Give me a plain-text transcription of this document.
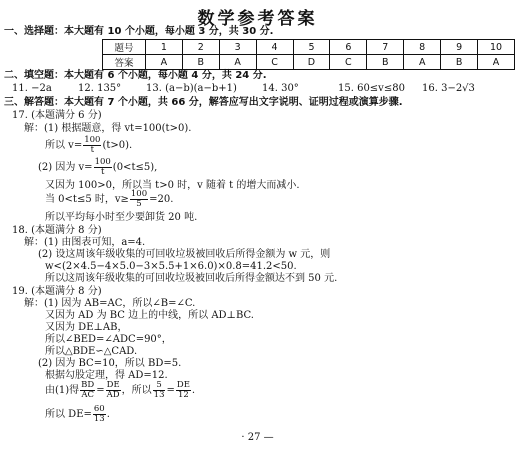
数学参考答案
一、选择题：本大题有 10 个小题，每小题 3 分，共 30 分.
题号	1	2	3	4	5	6	7	8	9	10
答案	A	B	A	C	D	C	B	A	B	A
二、填空题：本大题有 6 个小题，每小题 4 分，共 24 分.
11. −2a	12. 135° 13. (a−b)(a−b+1)	14. 30°	15. 60≤v≤80 16. 3−2√3
三、解答题：本大题有 7 个小题，共 66 分，解答应写出文字说明、证明过程或演算步骤.
17. (本题满分 6 分)
解：(1) 根据题意，得 vt=100(t>0).
所以 $v= \frac{100}{t} (t>0)$.
(2) 因为 $v= \frac{100}{t} (0<t\le 5)$,
又因为 100>0，所以当 t>0 时，v 随着 t 的增大而减小.
当 0<t≤5 时，$v\ge \frac{100}{5} =20$.
所以平均每小时至少要卸货 20 吨.
18. (本题满分 8 分)
解：(1) 由图表可知，a=4.
(2) 设这周该年级收集的可回收垃圾被回收后所得金额为 w 元，则
w<(2×4.5−4×5.0−3×5.5+1×6.0)×0.8=41.2<50.
所以这周该年级收集的可回收垃圾被回收后所得金额达不到 50 元.
19. (本题满分 8 分)
解：(1) 因为 AB=AC，所以∠B=∠C.
又因为 AD 为 BC 边上的中线，所以 AD⊥BC.
又因为 DE⊥AB，
所以∠BED=∠ADC=90°，
所以△BDE∽△CAD.
(2) 因为 BC=10，所以 BD=5.
根据勾股定理，得 AD=12.
由(1)得 $\frac{BD}{AC} = \frac{DE}{AD}$ ，所以 $\frac{5}{13} = \frac{DE}{12}$ .
所以 $DE= \frac{60}{13}$ .
· 27 —
